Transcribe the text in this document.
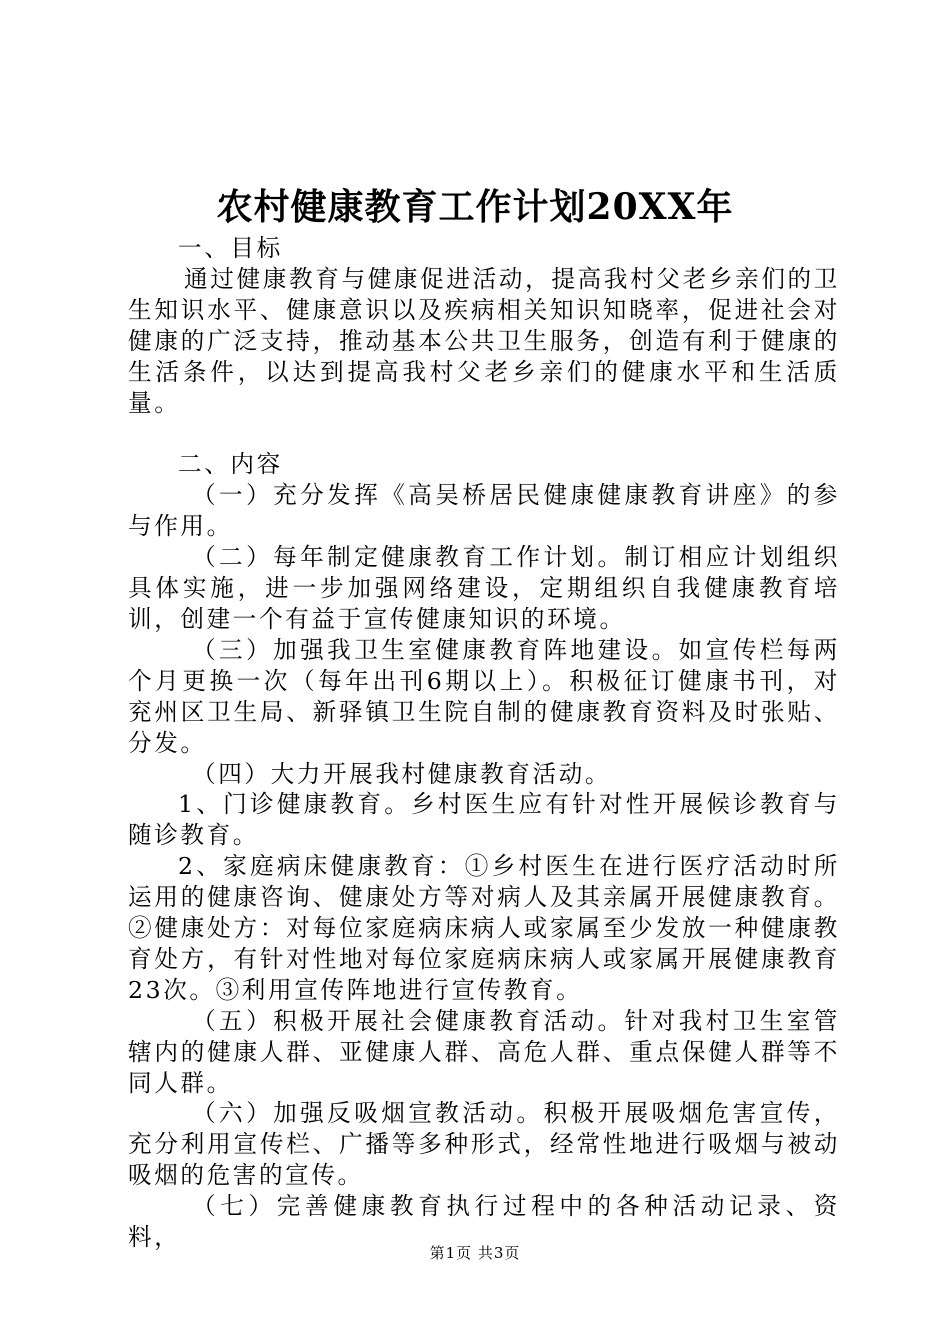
农村健康教育工作计划20XX年

一、目标

通过健康教育与健康促进活动，提高我村父老乡亲们的卫生知识水平、健康意识以及疾病相关知识知晓率，促进社会对健康的广泛支持，推动基本公共卫生服务，创造有利于健康的生活条件，以达到提高我村父老乡亲们的健康水平和生活质量。

二、内容

（一）充分发挥《高吴桥居民健康健康教育讲座》的参与作用。

（二）每年制定健康教育工作计划。制订相应计划组织具体实施，进一步加强网络建设，定期组织自我健康教育培训，创建一个有益于宣传健康知识的环境。

（三）加强我卫生室健康教育阵地建设。如宣传栏每两个月更换一次（每年出刊6期以上）。积极征订健康书刊，对兖州区卫生局、新驿镇卫生院自制的健康教育资料及时张贴、分发。

（四）大力开展我村健康教育活动。

1、门诊健康教育。乡村医生应有针对性开展候诊教育与随诊教育。

2、家庭病床健康教育：①乡村医生在进行医疗活动时所运用的健康咨询、健康处方等对病人及其亲属开展健康教育。②健康处方：对每位家庭病床病人或家属至少发放一种健康教育处方，有针对性地对每位家庭病床病人或家属开展健康教育23次。③利用宣传阵地进行宣传教育。

（五）积极开展社会健康教育活动。针对我村卫生室管辖内的健康人群、亚健康人群、高危人群、重点保健人群等不同人群。

（六）加强反吸烟宣教活动。积极开展吸烟危害宣传，充分利用宣传栏、广播等多种形式，经常性地进行吸烟与被动吸烟的危害的宣传。

（七）完善健康教育执行过程中的各种活动记录、资料，

第1页 共3页
